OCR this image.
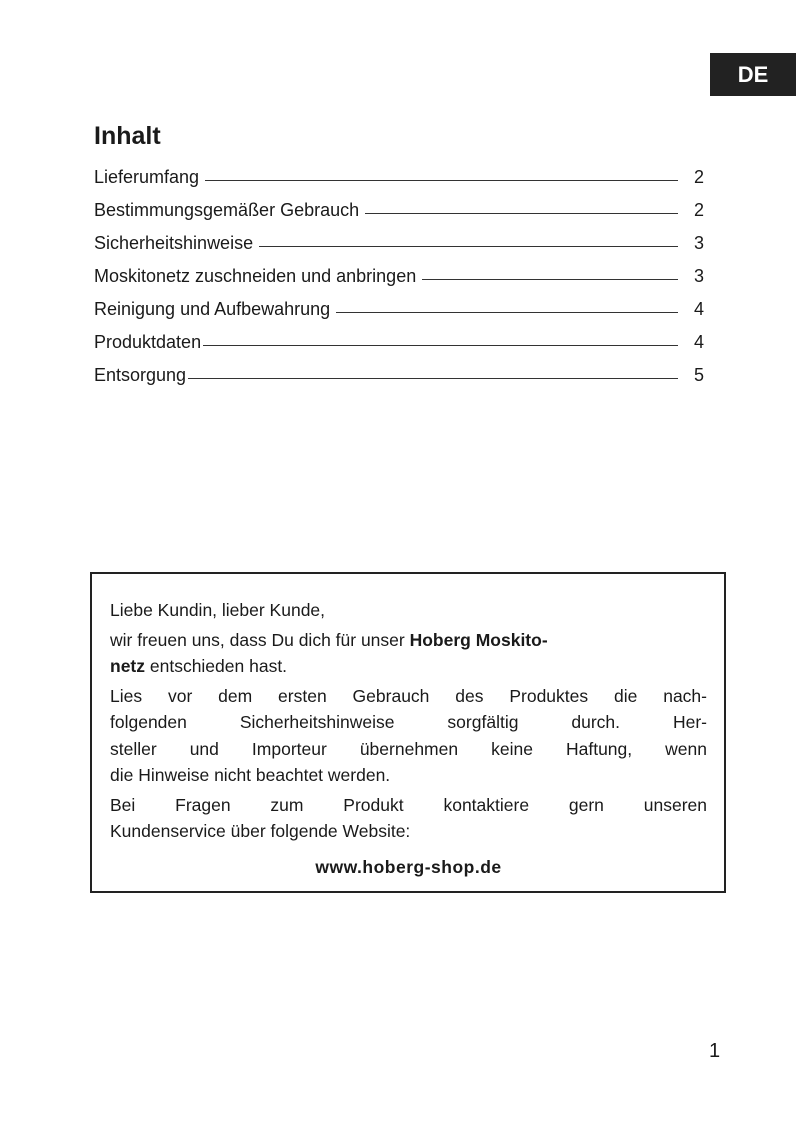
DE
Inhalt
Lieferumfang	2
Bestimmungsgemäßer Gebrauch	2
Sicherheitshinweise	3
Moskitonetz zuschneiden und anbringen	3
Reinigung und Aufbewahrung	4
Produktdaten	4
Entsorgung	5
Liebe Kundin, lieber Kunde,
wir freuen uns, dass Du dich für unser Hoberg Moskito-
netz entschieden hast.
Lies vor dem ersten Gebrauch des Produktes die nach-
folgenden Sicherheitshinweise sorgfältig durch. Her-
steller und Importeur übernehmen keine Haftung, wenn
die Hinweise nicht beachtet werden.
Bei Fragen zum Produkt kontaktiere gern unseren
Kundenservice über folgende Website:
www.hoberg-shop.de
1
